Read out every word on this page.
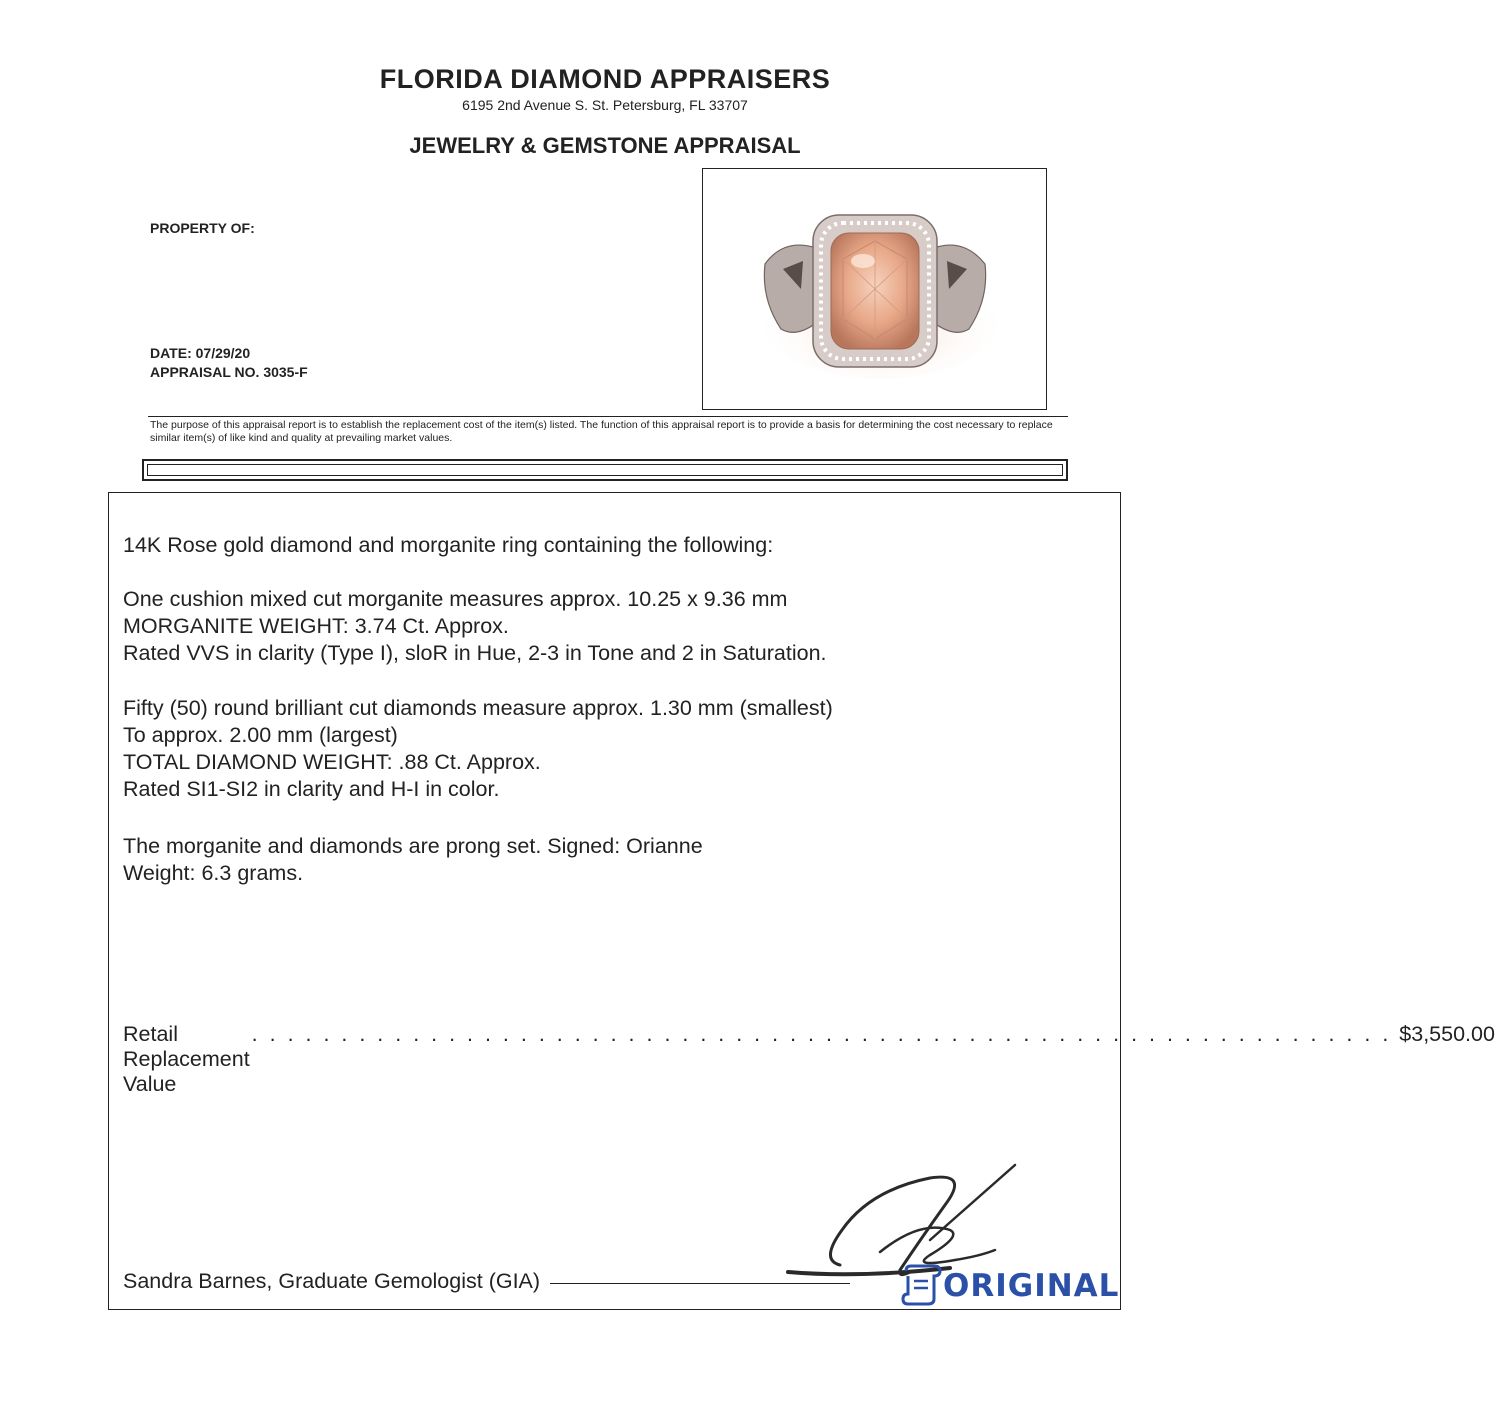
FLORIDA DIAMOND APPRAISERS
6195 2nd Avenue S. St. Petersburg, FL 33707
JEWELRY & GEMSTONE APPRAISAL
PROPERTY OF:
DATE: 07/29/20
APPRAISAL NO. 3035-F
The purpose of this appraisal report is to establish the replacement cost of the item(s) listed. The function of this appraisal report is to provide a basis for determining the cost necessary to replace similar item(s) of like kind and quality at prevailing market values.
14K Rose gold diamond and morganite ring containing the following:
One cushion mixed cut morganite measures approx. 10.25 x 9.36 mm
MORGANITE WEIGHT: 3.74 Ct. Approx.
Rated VVS in clarity (Type I), sloR in Hue, 2-3 in Tone and 2 in Saturation.
Fifty (50) round brilliant cut diamonds measure approx. 1.30 mm (smallest)
To approx. 2.00 mm (largest)
TOTAL DIAMOND WEIGHT: .88 Ct. Approx.
Rated SI1-SI2 in clarity and H-I in color.
The morganite and diamonds are prong set. Signed: Orianne
Weight: 6.3 grams.
Retail Replacement Value
. . . . . . . . . . . . . . . . . . . . . . . . . . . . . . . . . . . . . . . . . . . . . . . . . . . . . . . . . . . . . . . . $3,550.00
Sandra Barnes, Graduate Gemologist (GIA)	ORIGINAL
